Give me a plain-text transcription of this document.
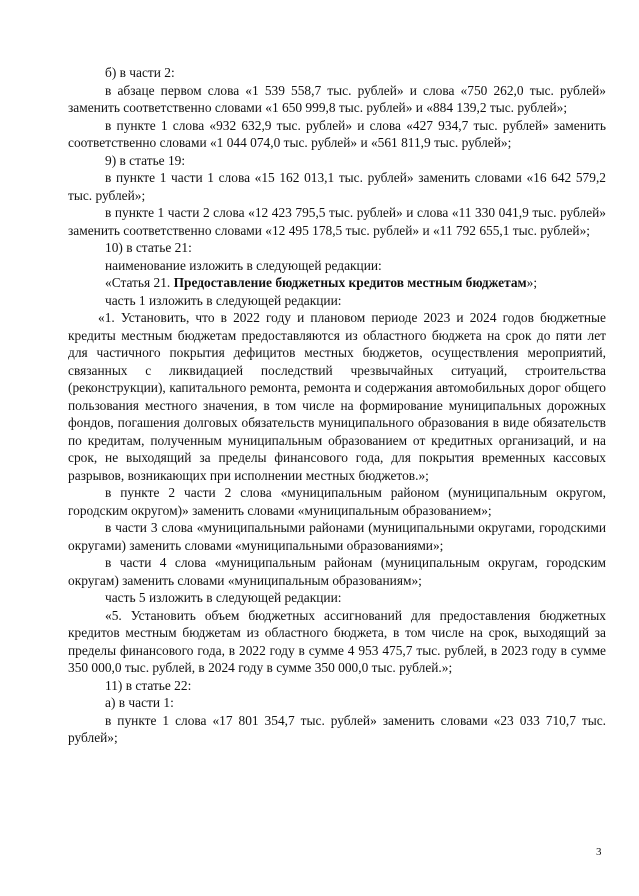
б) в части 2:

в абзаце первом слова «1 539 558,7 тыс. рублей» и слова «750 262,0 тыс. рублей» заменить соответственно словами «1 650 999,8 тыс. рублей» и «884 139,2 тыс. рублей»;

в пункте 1 слова «932 632,9 тыс. рублей» и слова «427 934,7 тыс. рублей» заменить соответственно словами «1 044 074,0 тыс. рублей» и «561 811,9 тыс. рублей»;

9) в статье 19:

в пункте 1 части 1 слова «15 162 013,1 тыс. рублей» заменить словами «16 642 579,2 тыс. рублей»;

в пункте 1 части 2 слова «12 423 795,5 тыс. рублей» и слова «11 330 041,9 тыс. рублей» заменить соответственно словами «12 495 178,5 тыс. рублей» и «11 792 655,1 тыс. рублей»;

10) в статье 21:

наименование изложить в следующей редакции:

«Статья 21. Предоставление бюджетных кредитов местным бюджетам»;

часть 1 изложить в следующей редакции:

«1. Установить, что в 2022 году и плановом периоде 2023 и 2024 годов бюджетные кредиты местным бюджетам предоставляются из областного бюджета на срок до пяти лет для частичного покрытия дефицитов местных бюджетов, осуществления мероприятий, связанных с ликвидацией последствий чрезвычайных ситуаций, строительства (реконструкции), капитального ремонта, ремонта и содержания автомобильных дорог общего пользования местного значения, в том числе на формирование муниципальных дорожных фондов, погашения долговых обязательств муниципального образования в виде обязательств по кредитам, полученным муниципальным образованием от кредитных организаций, и на срок, не выходящий за пределы финансового года, для покрытия временных кассовых разрывов, возникающих при исполнении местных бюджетов.»;

в пункте 2 части 2 слова «муниципальным районом (муниципальным округом, городским округом)» заменить словами «муниципальным образованием»;

в части 3 слова «муниципальными районами (муниципальными округами, городскими округами) заменить словами «муниципальными образованиями»;

в части 4 слова «муниципальным районам (муниципальным округам, городским округам) заменить словами «муниципальным образованиям»;

часть 5 изложить в следующей редакции:

«5. Установить объем бюджетных ассигнований для предоставления бюджетных кредитов местным бюджетам из областного бюджета, в том числе на срок, выходящий за пределы финансового года, в 2022 году в сумме 4 953 475,7 тыс. рублей, в 2023 году в сумме 350 000,0 тыс. рублей, в 2024 году в сумме 350 000,0 тыс. рублей.»;

11) в статье 22:

а) в части 1:

в пункте 1 слова «17 801 354,7 тыс. рублей» заменить словами «23 033 710,7 тыс. рублей»;

3
